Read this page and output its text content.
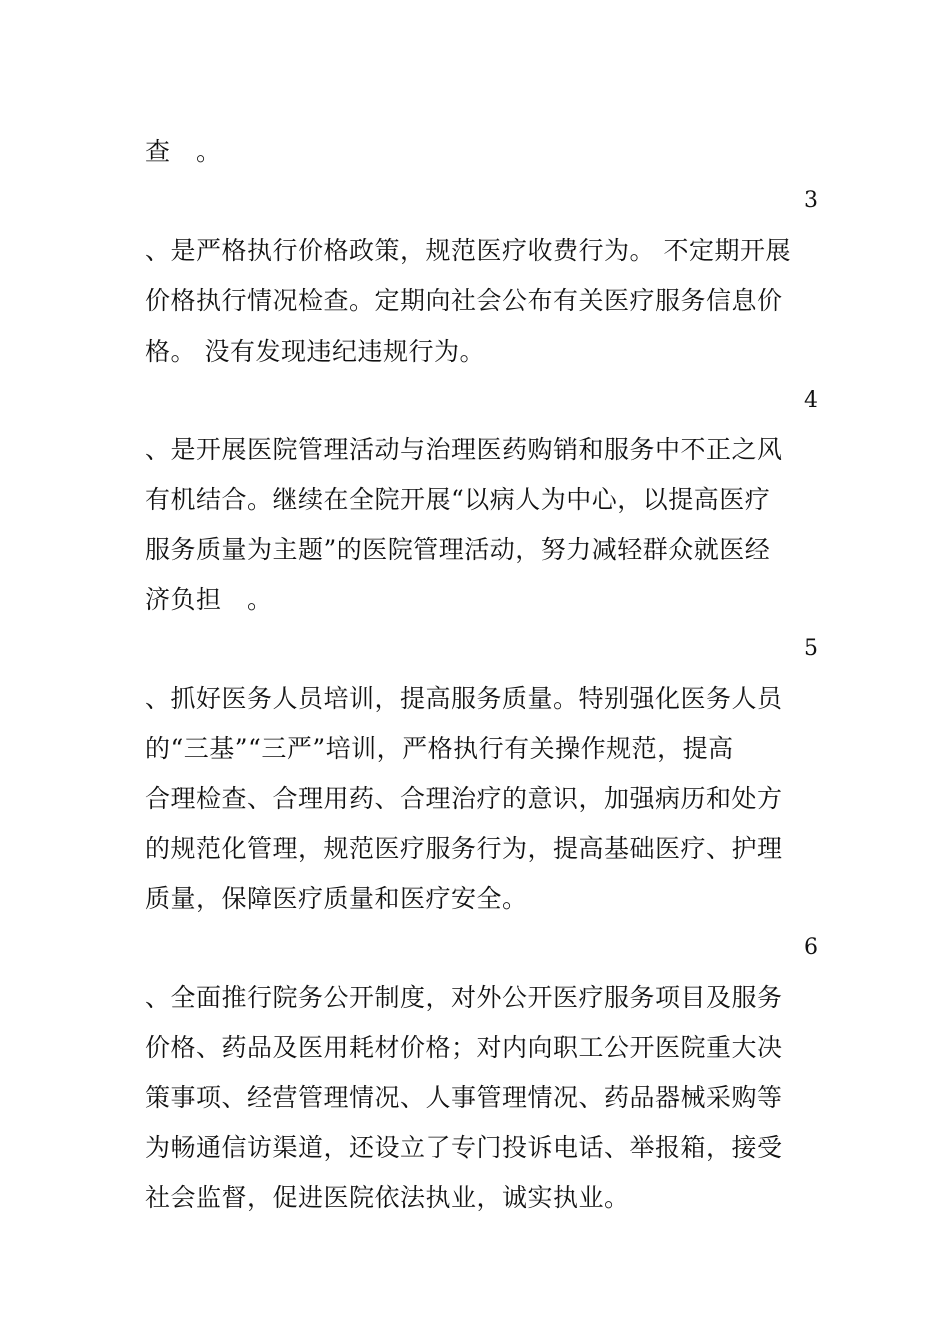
查　。
3
、是严格执行价格政策，规范医疗收费行为。 不定期开展
价格执行情况检查。定期向社会公布有关医疗服务信息价
格。 没有发现违纪违规行为。
4
、是开展医院管理活动与治理医药购销和服务中不正之风
有机结合。继续在全院开展“以病人为中心，以提高医疗
服务质量为主题”的医院管理活动，努力减轻群众就医经
济负担　。
5
、抓好医务人员培训，提高服务质量。特别强化医务人员
的“三基”“三严”培训，严格执行有关操作规范，提高
合理检查、合理用药、合理治疗的意识，加强病历和处方
的规范化管理，规范医疗服务行为，提高基础医疗、护理
质量，保障医疗质量和医疗安全。
6
、全面推行院务公开制度，对外公开医疗服务项目及服务
价格、药品及医用耗材价格；对内向职工公开医院重大决
策事项、经营管理情况、人事管理情况、药品器械采购等
为畅通信访渠道，还设立了专门投诉电话、举报箱，接受
社会监督，促进医院依法执业，诚实执业。
